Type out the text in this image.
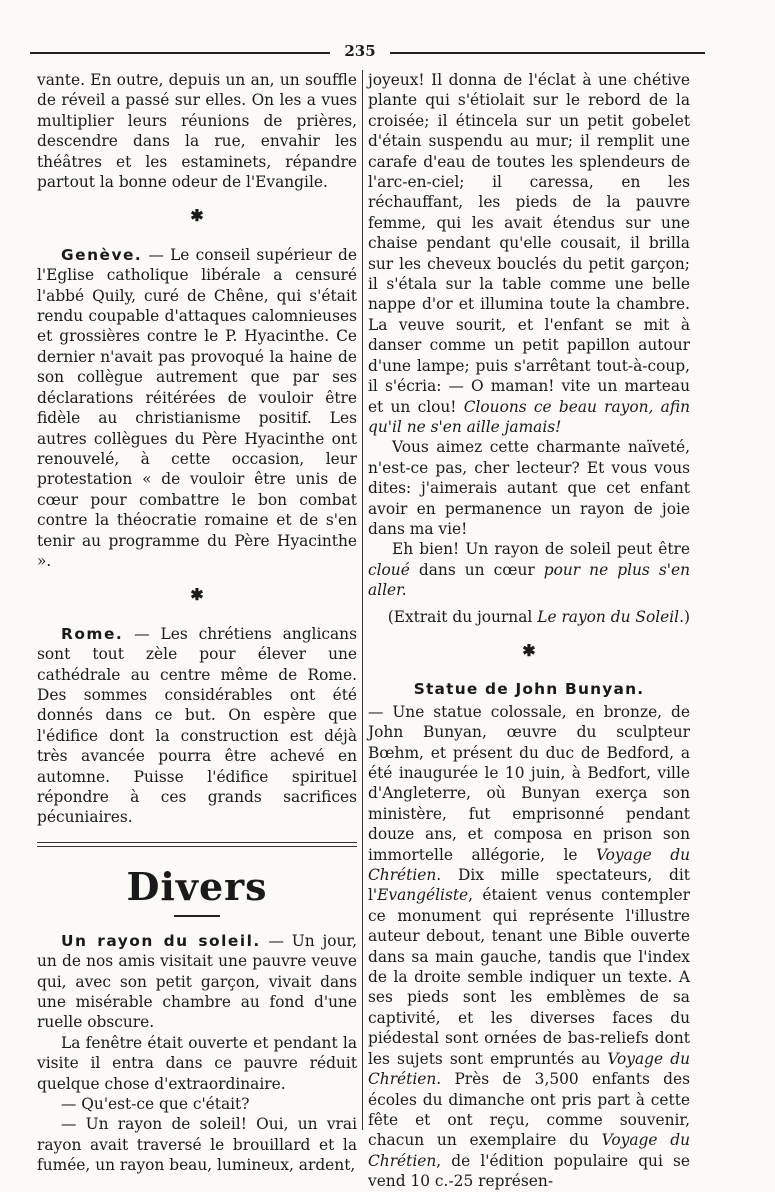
235

vante. En outre, depuis un an, un souffle de réveil a passé sur elles. On les a vues multiplier leurs réunions de prières, descendre dans la rue, envahir les théâtres et les estaminets, répandre partout la bonne odeur de l'Evangile.

✱

Genève. — Le conseil supérieur de l'Eglise catholique libérale a censuré l'abbé Quily, curé de Chêne, qui s'était rendu coupable d'attaques calomnieuses et grossières contre le P. Hyacinthe. Ce dernier n'avait pas provoqué la haine de son collègue autrement que par ses déclarations réitérées de vouloir être fidèle au christianisme positif. Les autres collègues du Père Hyacinthe ont renouvelé, à cette occasion, leur protestation « de vouloir être unis de cœur pour combattre le bon combat contre la théocratie romaine et de s'en tenir au programme du Père Hyacinthe ».

✱

Rome. — Les chrétiens anglicans sont tout zèle pour élever une cathédrale au centre même de Rome. Des sommes considérables ont été donnés dans ce but. On espère que l'édifice dont la construction est déjà très avancée pourra être achevé en automne. Puisse l'édifice spirituel répondre à ces grands sacrifices pécuniaires.

Divers

Un rayon du soleil. — Un jour, un de nos amis visitait une pauvre veuve qui, avec son petit garçon, vivait dans une misérable chambre au fond d'une ruelle obscure.

La fenêtre était ouverte et pendant la visite il entra dans ce pauvre réduit quelque chose d'extraordinaire.

— Qu'est-ce que c'était?

— Un rayon de soleil! Oui, un vrai rayon avait traversé le brouillard et la fumée, un rayon beau, lumineux, ardent,

joyeux! Il donna de l'éclat à une chétive plante qui s'étiolait sur le rebord de la croisée; il étincela sur un petit gobelet d'étain suspendu au mur; il remplit une carafe d'eau de toutes les splendeurs de l'arc-en-ciel; il caressa, en les réchauffant, les pieds de la pauvre femme, qui les avait étendus sur une chaise pendant qu'elle cousait, il brilla sur les cheveux bouclés du petit garçon; il s'étala sur la table comme une belle nappe d'or et illumina toute la chambre. La veuve sourit, et l'enfant se mit à danser comme un petit papillon autour d'une lampe; puis s'arrêtant tout-à-coup, il s'écria: — O maman! vite un marteau et un clou! Clouons ce beau rayon, afin qu'il ne s'en aille jamais!

Vous aimez cette charmante naïveté, n'est-ce pas, cher lecteur? Et vous vous dites: j'aimerais autant que cet enfant avoir en permanence un rayon de joie dans ma vie!

Eh bien! Un rayon de soleil peut être cloué dans un cœur pour ne plus s'en aller.

(Extrait du journal Le rayon du Soleil.)

✱
Statue de John Bunyan.

— Une statue colossale, en bronze, de John Bunyan, œuvre du sculpteur Bœhm, et présent du duc de Bedford, a été inaugurée le 10 juin, à Bedfort, ville d'Angleterre, où Bunyan exerça son ministère, fut emprisonné pendant douze ans, et composa en prison son immortelle allégorie, le Voyage du Chrétien. Dix mille spectateurs, dit l'Evangéliste, étaient venus contempler ce monument qui représente l'illustre auteur debout, tenant une Bible ouverte dans sa main gauche, tandis que l'index de la droite semble indiquer un texte. A ses pieds sont les emblèmes de sa captivité, et les diverses faces du piédestal sont ornées de bas-reliefs dont les sujets sont empruntés au Voyage du Chrétien. Près de 3,500 enfants des écoles du dimanche ont pris part à cette fête et ont reçu, comme souvenir, chacun un exemplaire du Voyage du Chrétien, de l'édition populaire qui se vend 10 c.-25 représen-
